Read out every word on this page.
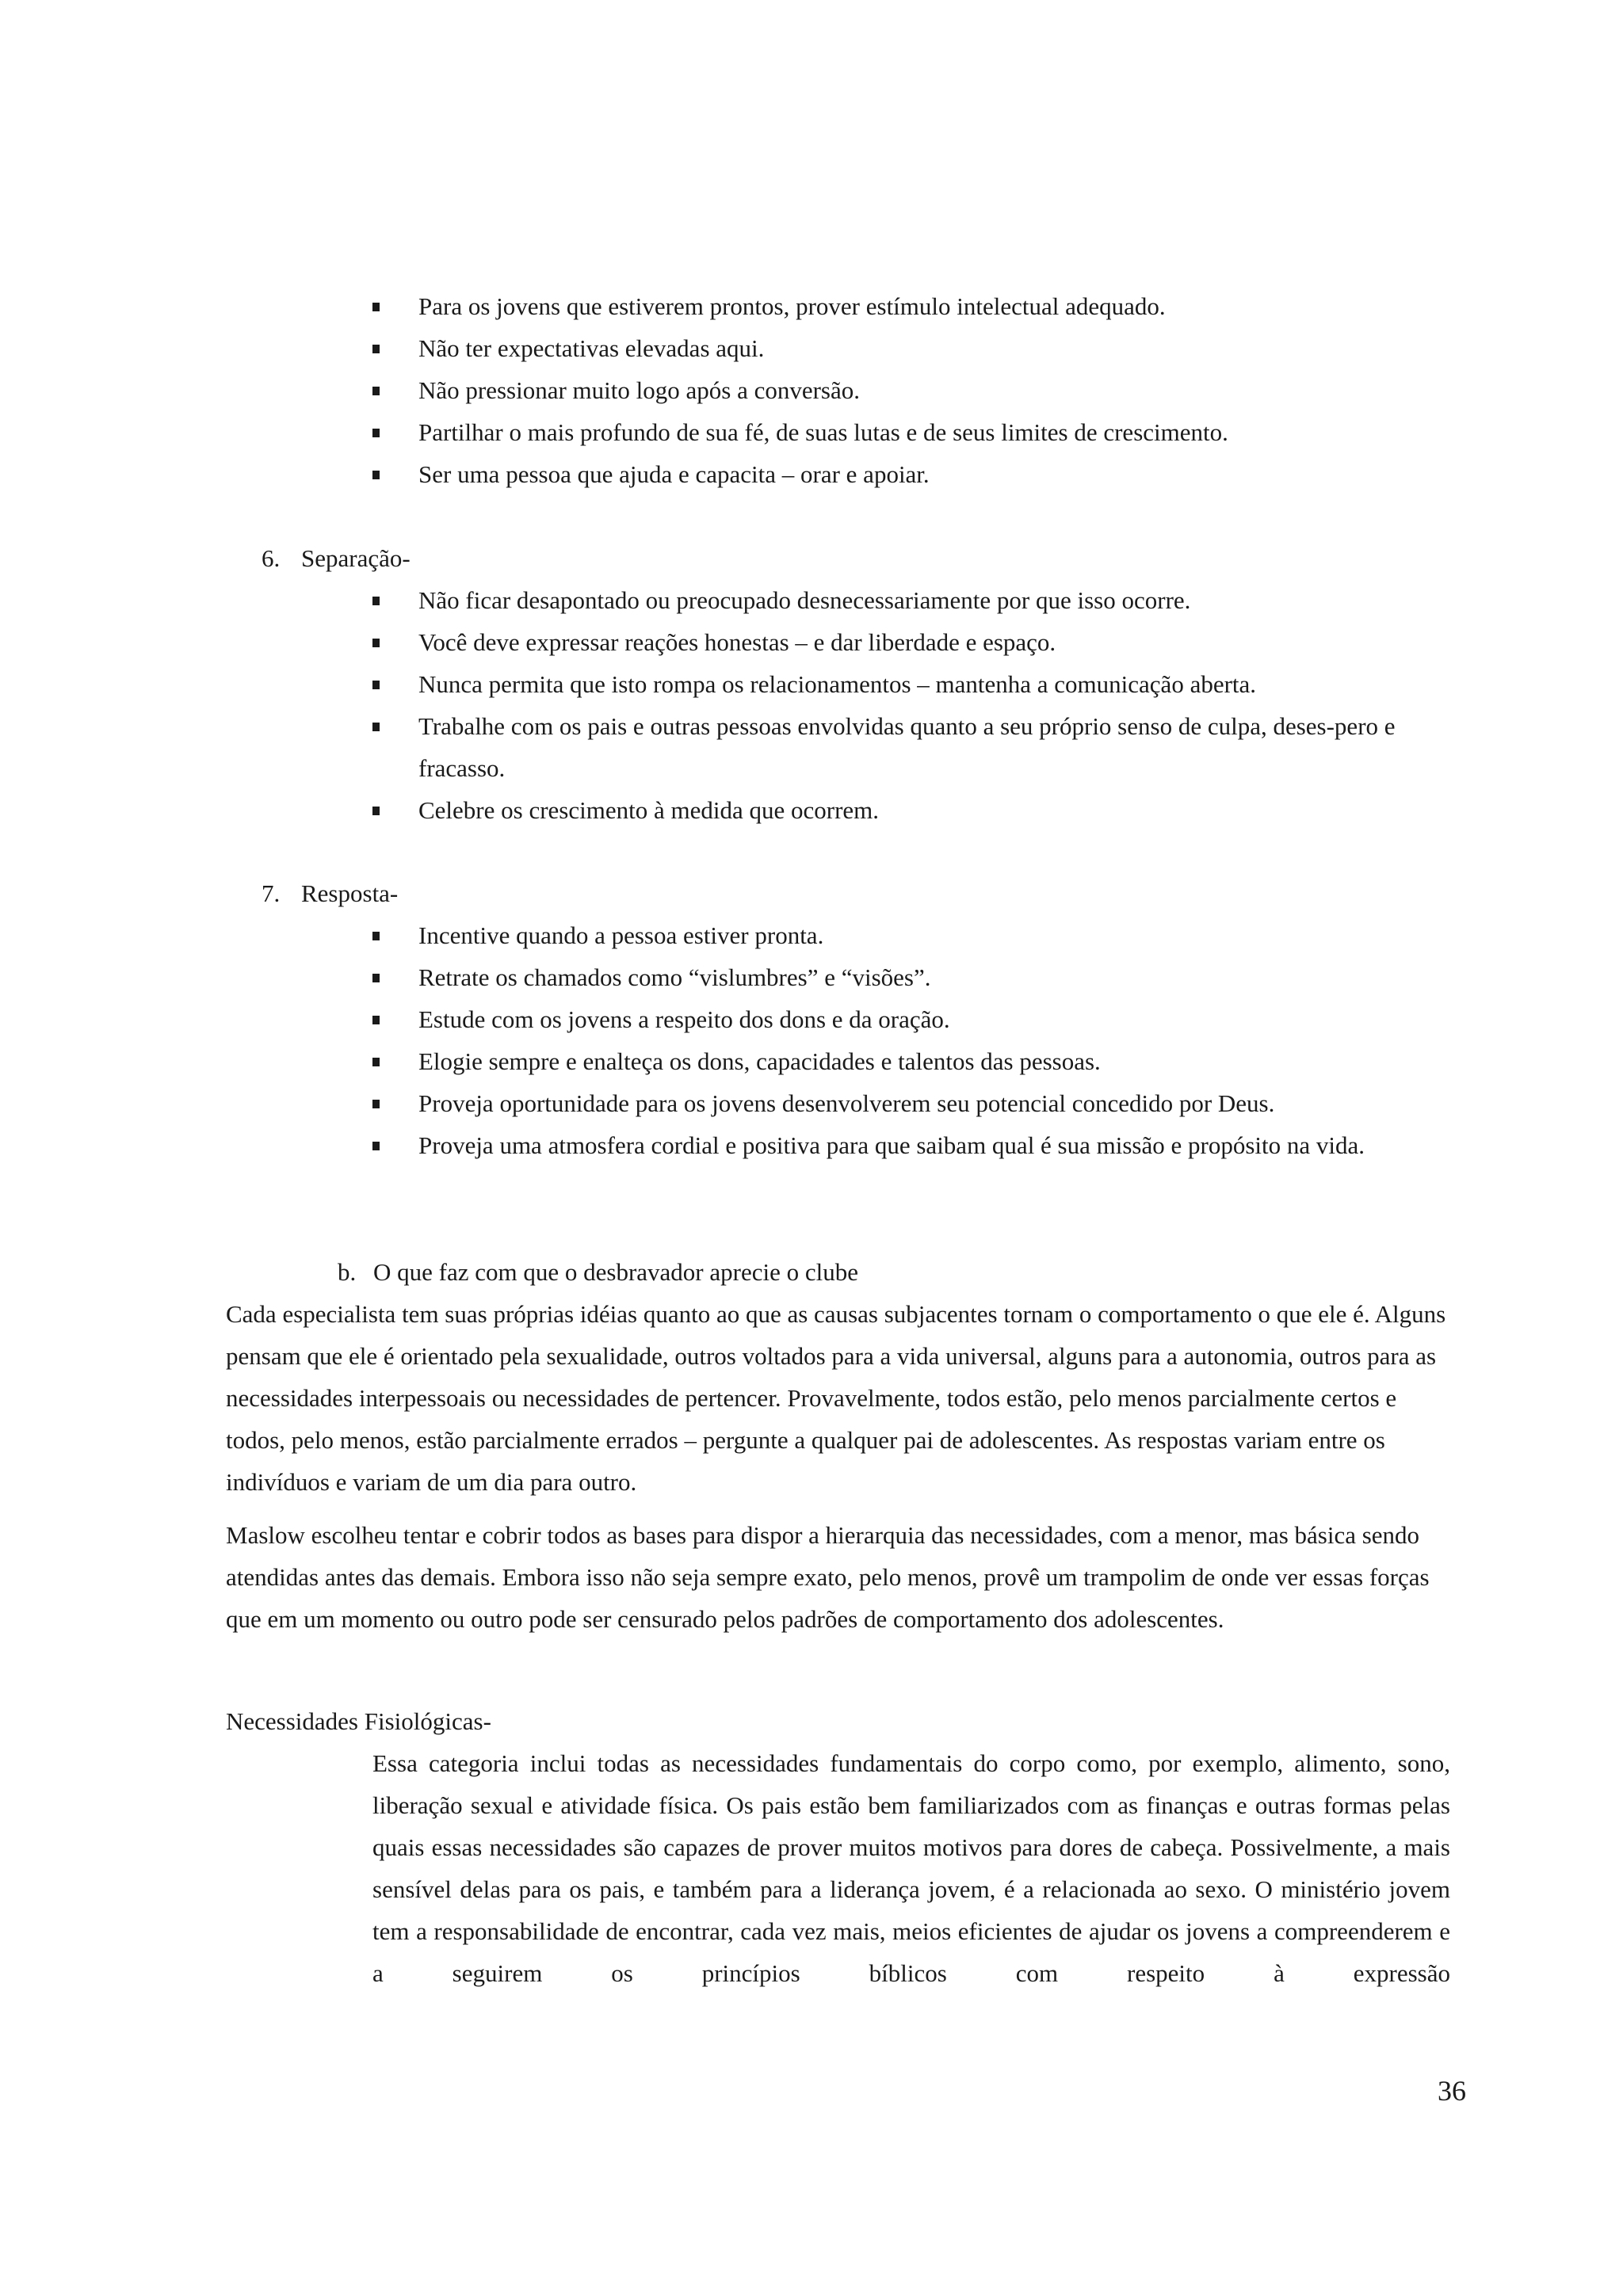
Para os jovens que estiverem prontos, prover estímulo intelectual adequado.
Não ter expectativas elevadas aqui.
Não pressionar muito logo após a conversão.
Partilhar o mais profundo de sua fé, de suas lutas e de seus limites de crescimento.
Ser uma pessoa que ajuda e capacita – orar e apoiar.
6. Separação-
Não ficar desapontado ou preocupado desnecessariamente por que isso ocorre.
Você deve expressar reações honestas – e dar liberdade e espaço.
Nunca permita que isto rompa os relacionamentos – mantenha a comunicação aberta.
Trabalhe com os pais e outras pessoas envolvidas quanto a seu próprio senso de culpa, deses-pero e fracasso.
Celebre os crescimento à medida que ocorrem.
7. Resposta-
Incentive quando a pessoa estiver pronta.
Retrate os chamados como “vislumbres” e “visões”.
Estude com os jovens a respeito dos dons e da oração.
Elogie sempre e enalteça os dons, capacidades e talentos das pessoas.
Proveja oportunidade para os jovens desenvolverem seu potencial concedido por Deus.
Proveja uma atmosfera cordial e positiva para que saibam qual é sua missão e propósito na vida.
b. O que faz com que o desbravador aprecie o clube

Cada especialista tem suas próprias idéias quanto ao que as causas subjacentes tornam o comportamento o que ele é. Alguns pensam que ele é orientado pela sexualidade, outros voltados para a vida universal, alguns para a autonomia, outros para as necessidades interpessoais ou necessidades de pertencer. Provavelmente, todos estão, pelo menos parcialmente certos e todos, pelo menos, estão parcialmente errados – pergunte a qualquer pai de adolescentes. As respostas variam entre os indivíduos e variam de um dia para outro.

Maslow escolheu tentar e cobrir todos as bases para dispor a hierarquia das necessidades, com a menor, mas básica sendo atendidas antes das demais. Embora isso não seja sempre exato, pelo menos, provê um trampolim de onde ver essas forças que em um momento ou outro pode ser censurado pelos padrões de comportamento dos adolescentes.

Necessidades Fisiológicas-

Essa categoria inclui todas as necessidades fundamentais do corpo como, por exemplo, alimento, sono, liberação sexual e atividade física. Os pais estão bem familiarizados com as finanças e outras formas pelas quais essas necessidades são capazes de prover muitos motivos para dores de cabeça. Possivelmente, a mais sensível delas para os pais, e também para a liderança jovem, é a relacionada ao sexo. O ministério jovem tem a responsabilidade de encontrar, cada vez mais, meios eficientes de ajudar os jovens a compreenderem e a seguirem os princípios bíblicos com respeito à expressão

36
